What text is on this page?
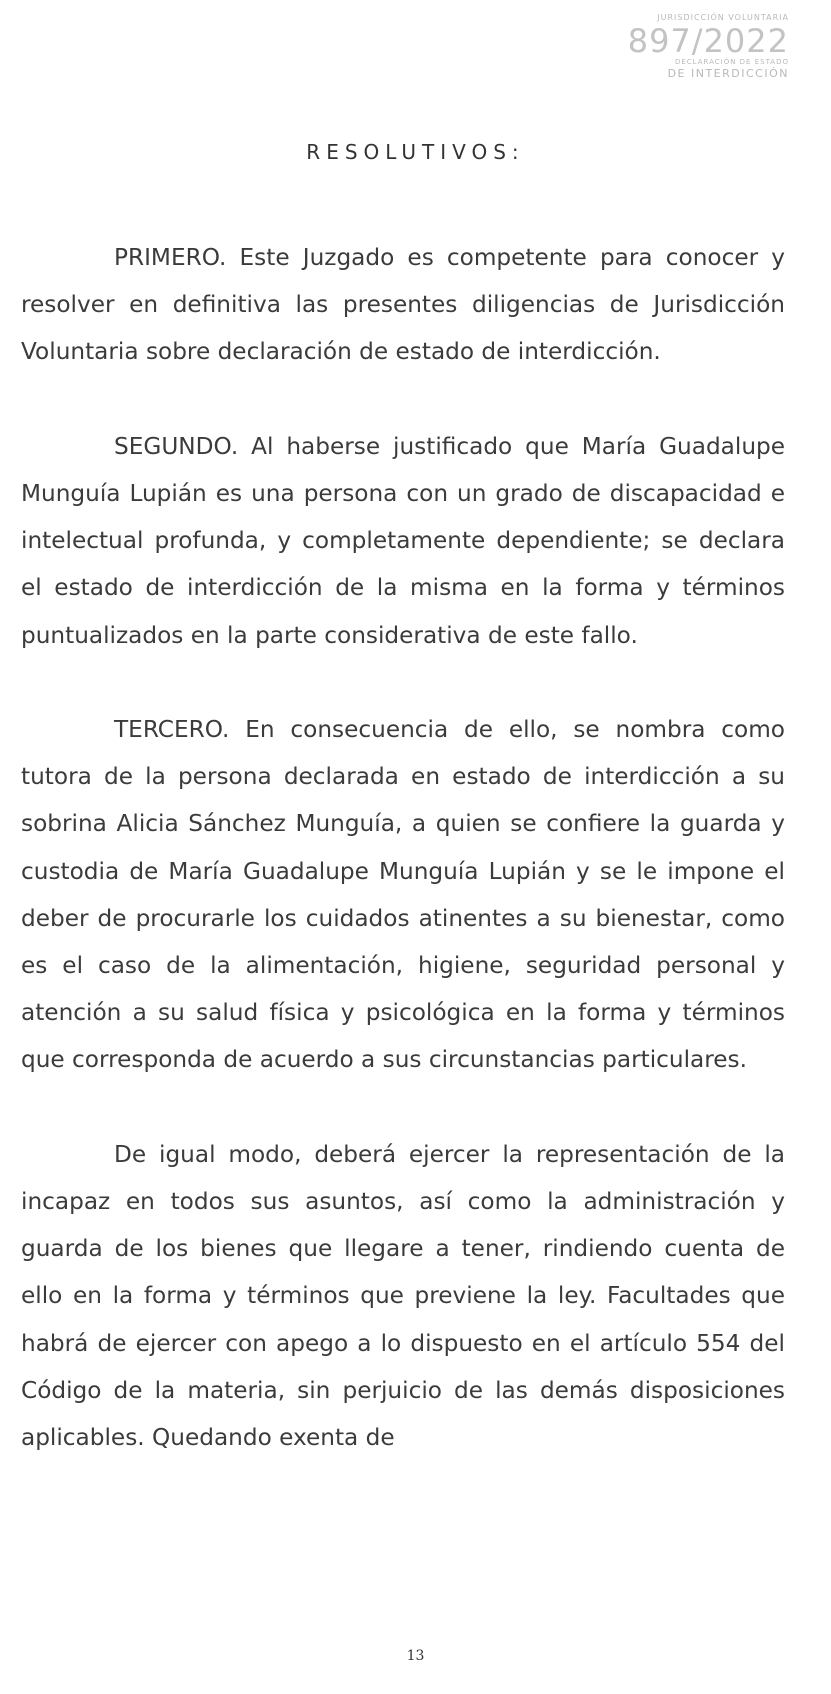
JURISDICCIÓN VOLUNTARIA
897/2022
DECLARACIÓN DE ESTADO
DE INTERDICCIÓN
RESOLUTIVOS:

PRIMERO. Este Juzgado es competente para conocer y resolver en definitiva las presentes diligencias de Jurisdicción Voluntaria sobre declaración de estado de interdicción.

SEGUNDO. Al haberse justificado que María Guadalupe Munguía Lupián es una persona con un grado de discapacidad e intelectual profunda, y completamente dependiente; se declara el estado de interdicción de la misma en la forma y términos puntualizados en la parte considerativa de este fallo.

TERCERO. En consecuencia de ello, se nombra como tutora de la persona declarada en estado de interdicción a su sobrina Alicia Sánchez Munguía, a quien se confiere la guarda y custodia de María Guadalupe Munguía Lupián y se le impone el deber de procurarle los cuidados atinentes a su bienestar, como es el caso de la alimentación, higiene, seguridad personal y atención a su salud física y psicológica en la forma y términos que corresponda de acuerdo a sus circunstancias particulares.

De igual modo, deberá ejercer la representación de la incapaz en todos sus asuntos, así como la administración y guarda de los bienes que llegare a tener, rindiendo cuenta de ello en la forma y términos que previene la ley. Facultades que habrá de ejercer con apego a lo dispuesto en el artículo 554 del Código de la materia, sin perjuicio de las demás disposiciones aplicables. Quedando exenta de

13
